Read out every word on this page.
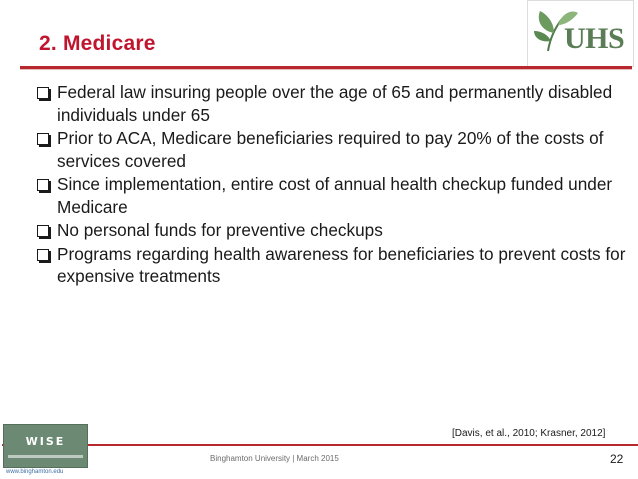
2. Medicare	UHS
Federal law insuring people over the age of 65 and permanently disabled individuals under 65
Prior to ACA, Medicare beneficiaries required to pay 20% of the costs of services covered
Since implementation, entire cost of annual health checkup funded under Medicare
No personal funds for preventive checkups
Programs regarding health awareness for beneficiaries to prevent costs for expensive treatments
[Davis, et al., 2010; Krasner, 2012]
WISE
www.binghamton.edu
Binghamton University | March 2015	22
